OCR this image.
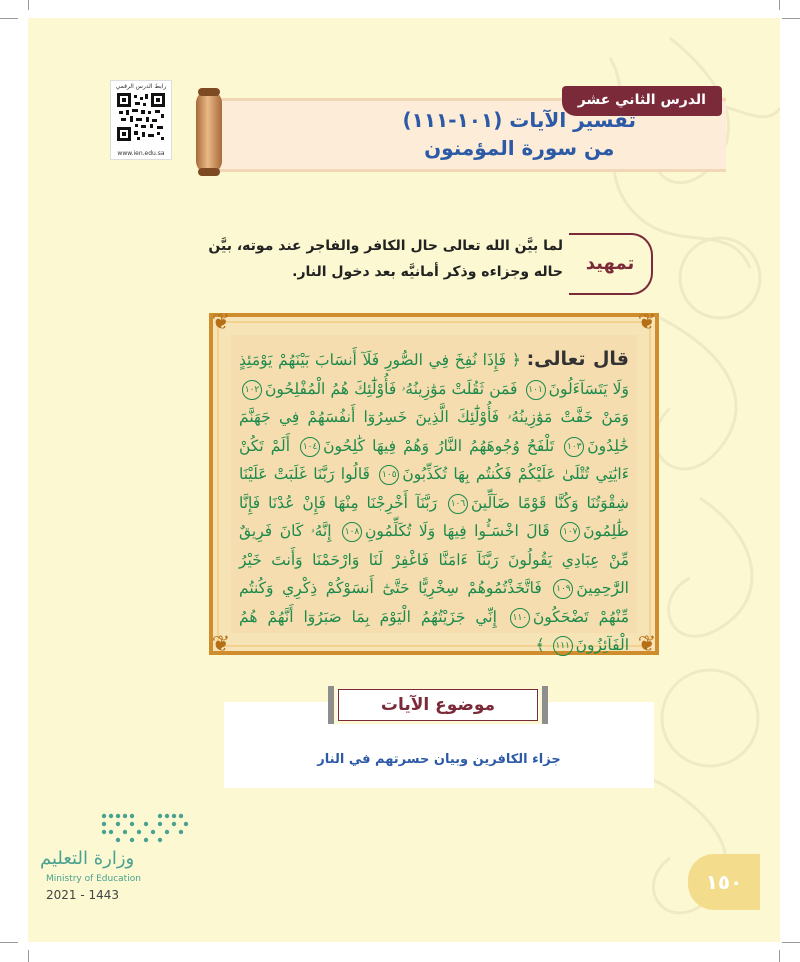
رابط الدرس الرقمي
www.ien.edu.sa
الدرس الثاني عشر
تفسير الآيات (١٠١-١١١)
من سورة المؤمنون
تمهيد
لما بيَّن الله تعالى حال الكافر والفاجر عند موته، بيَّن حاله وجزاءه وذكر أمانيَّه بعد دخول النار.
❦	❦
❦	❦
قال تعالى: ﴿ فَإِذَا نُفِخَ فِي الصُّورِ فَلَآ أَنسَابَ بَيْنَهُمْ يَوْمَئِذٍ وَلَا يَتَسَآءَلُونَ١٠١ فَمَن ثَقُلَتْ مَوَٰزِينُهُۥ فَأُوْلَٰٓئِكَ هُمُ الْمُفْلِحُونَ١٠٢ وَمَنْ خَفَّتْ مَوَٰزِينُهُۥ فَأُوْلَٰٓئِكَ الَّذِينَ خَسِرُوٓا أَنفُسَهُمْ فِي جَهَنَّمَ خَٰلِدُونَ١٠٣ تَلْفَحُ وُجُوهَهُمُ النَّارُ وَهُمْ فِيهَا كَٰلِحُونَ١٠٤ أَلَمْ تَكُنْ ءَايَٰتِي تُتْلَىٰ عَلَيْكُمْ فَكُنتُم بِهَا تُكَذِّبُونَ١٠٥ قَالُوا رَبَّنَا غَلَبَتْ عَلَيْنَا شِقْوَتُنَا وَكُنَّا قَوْمًا ضَآلِّينَ١٠٦ رَبَّنَآ أَخْرِجْنَا مِنْهَا فَإِنْ عُدْنَا فَإِنَّا ظَٰلِمُونَ١٠٧ قَالَ اخْسَـُٔوا فِيهَا وَلَا تُكَلِّمُونِ١٠٨ إِنَّهُۥ كَانَ فَرِيقٌ مِّنْ عِبَادِي يَقُولُونَ رَبَّنَآ ءَامَنَّا فَاغْفِرْ لَنَا وَارْحَمْنَا وَأَنتَ خَيْرُ الرَّٰحِمِينَ١٠٩ فَاتَّخَذْتُمُوهُمْ سِخْرِيًّا حَتَّىٰٓ أَنسَوْكُمْ ذِكْرِي وَكُنتُم مِّنْهُمْ تَضْحَكُونَ١١٠ إِنِّي جَزَيْتُهُمُ الْيَوْمَ بِمَا صَبَرُوٓا أَنَّهُمْ هُمُ الْفَآئِزُونَ١١١ ﴾
موضوع الآيات
جزاء الكافرين وبيان حسرتهم في النار
وزارة التعليم
Ministry of Education
2021 - 1443
١٥٠
